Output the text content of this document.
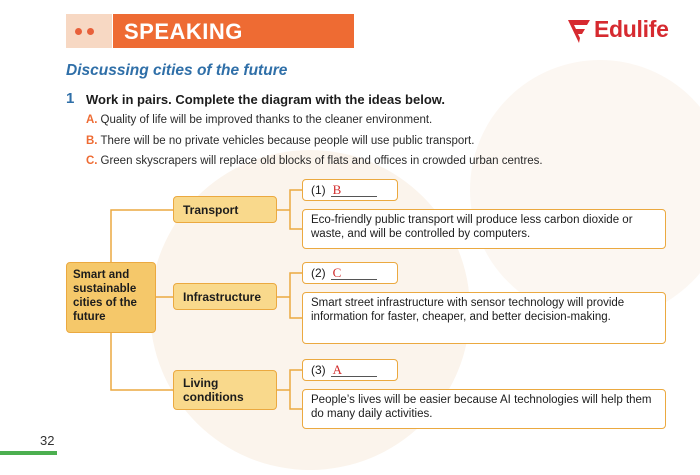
SPEAKING	Edulife
Discussing cities of the future
1 Work in pairs. Complete the diagram with the ideas below.
A. Quality of life will be improved thanks to the cleaner environment.
B. There will be no private vehicles because people will use public transport.
C. Green skyscrapers will replace old blocks of flats and offices in crowded urban centres.
Smart and sustainable cities of the future
Transport
Infrastructure
Living conditions
(1) B
(2) C
(3) A
Eco-friendly public transport will produce less carbon dioxide or waste, and will be controlled by computers.
Smart street infrastructure with sensor technology will provide information for faster, cheaper, and better decision-making.
People’s lives will be easier because AI technologies will help them do many daily activities.
32
